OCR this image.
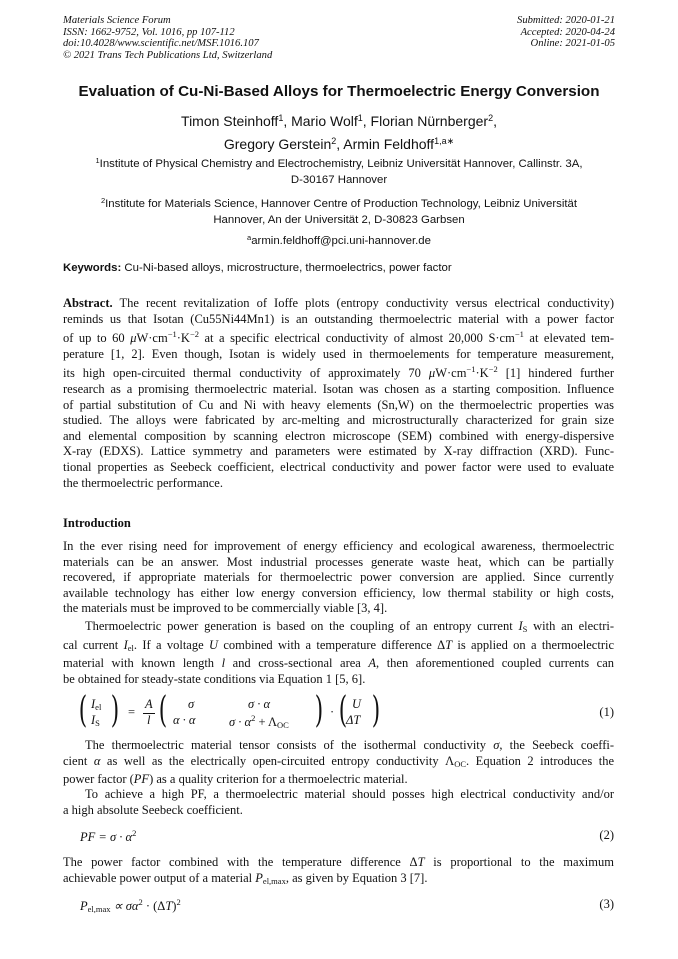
Materials Science Forum
ISSN: 1662-9752, Vol. 1016, pp 107-112
doi:10.4028/www.scientific.net/MSF.1016.107
© 2021 Trans Tech Publications Ltd, Switzerland
Submitted: 2020-01-21
Accepted: 2020-04-24
Online: 2021-01-05
Evaluation of Cu-Ni-Based Alloys for Thermoelectric Energy Conversion
Timon Steinhoff$^1$, Mario Wolf$^1$, Florian Nürnberger$^2$,
Gregory Gerstein$^2$, Armin Feldhoff$^{1,a∗}$
$^1$Institute of Physical Chemistry and Electrochemistry, Leibniz Universität Hannover, Callinstr. 3A,
D-30167 Hannover
$^2$Institute for Materials Science, Hannover Centre of Production Technology, Leibniz Universität
Hannover, An der Universität 2, D-30823 Garbsen
$^a$armin.feldhoff@pci.uni-hannover.de
Keywords: Cu-Ni-based alloys, microstructure, thermoelectrics, power factor
Abstract. The recent revitalization of Ioffe plots (entropy conductivity versus electrical conductivity)
reminds us that Isotan (Cu55Ni44Mn1) is an outstanding thermoelectric material with a power factor
of up to 60 $\mu W\cdot cm^{-1}\cdot K^{-2}$ at a specific electrical conductivity of almost 20,000 $S\cdot cm^{-1}$ at elevated tem-
perature [1, 2]. Even though, Isotan is widely used in thermoelements for temperature measurement,
its high open-circuited thermal conductivity of approximately 70 $\mu W\cdot cm^{-1}\cdot K^{-2}$ [1] hindered further
research as a promising thermoelectric material. Isotan was chosen as a starting composition. Influence
of partial substitution of Cu and Ni with heavy elements (Sn,W) on the thermoelectric properties was
studied. The alloys were fabricated by arc-melting and microstructurally characterized for grain size
and elemental composition by scanning electron microscope (SEM) combined with energy-dispersive
X-ray (EDXS). Lattice symmetry and parameters were estimated by X-ray diffraction (XRD). Func-
tional properties as Seebeck coefficient, electrical conductivity and power factor were used to evaluate
the thermoelectric performance.
Introduction
In the ever rising need for improvement of energy efficiency and ecological awareness, thermoelectric
materials can be an answer. Most industrial processes generate waste heat, which can be partially
recovered, if appropriate materials for thermoelectric power conversion are applied. Since currently
available technology has either low energy conversion efficiency, low thermal stability or high costs,
the materials must be improved to be commercially viable [3, 4].
Thermoelectric power generation is based on the coupling of an entropy current $I_S$ with an electri-
cal current $I_{el}$. If a voltage U combined with a temperature difference ΔT is applied on a thermoelectric
material with known length l and cross-sectional area A, then aforementioned coupled currents can
be obtained for steady-state conditions via Equation 1 [5, 6].
( $I_{el}$
$I_S$ ) =
A
l ( σ	σ · α
α · α	$\sigma \cdot \alpha^2 + \Lambda_{OC}$ ) · ( U
ΔT )	(1)
The thermoelectric material tensor consists of the isothermal conductivity σ, the Seebeck coeffi-
cient α as well as the electrically open-circuited entropy conductivity $\Lambda_{OC}$. Equation 2 introduces the
power factor (PF) as a quality criterion for a thermoelectric material.
To achieve a high PF, a thermoelectric material should posses high electrical conductivity and/or
a high absolute Seebeck coefficient.
PF = $\sigma \cdot \alpha^2$	(2)
The power factor combined with the temperature difference ΔT is proportional to the maximum
achievable power output of a material $P_{el,max}$, as given by Equation 3 [7].
$P_{el,max} \propto \sigma\alpha^2 \cdot (\Delta T)^2$	(3)
